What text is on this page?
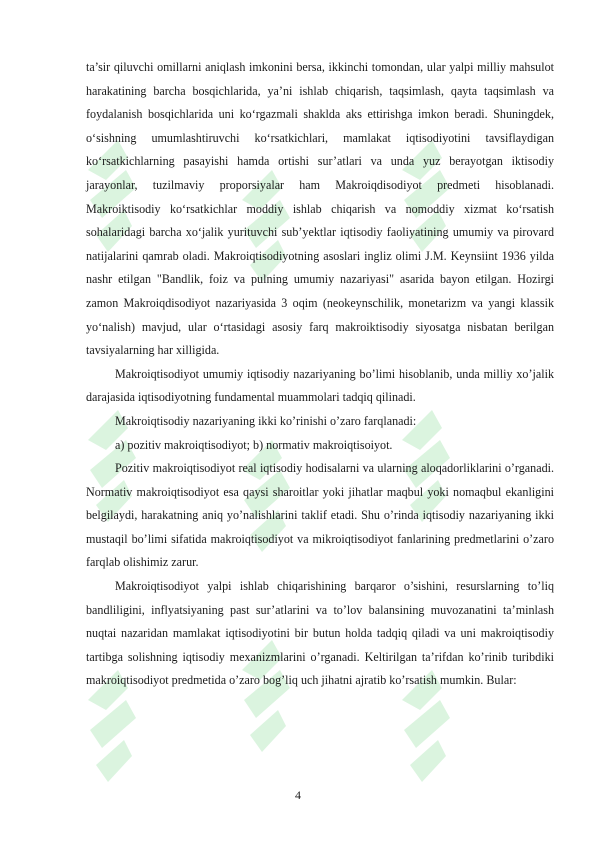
ta’sir qiluvchi omillarni aniqlash imkonini bersa, ikkinchi tomondan, ular yalpi milliy mahsulot harakatining barcha bosqichlarida, ya’ni ishlab chiqarish, taqsimlash, qayta taqsimlash va foydalanish bosqichlarida uni ko‘rgazmali shaklda aks ettirishga imkon beradi. Shuningdek, o‘sishning umumlashtiruvchi ko‘rsatkichlari, mamlakat iqtisodiyotini tavsiflaydigan ko‘rsatkichlarning pasayishi hamda ortishi sur’atlari va unda yuz berayotgan iktisodiy jarayonlar, tuzilmaviy proporsiyalar ham Makroiqdisodiyot predmeti hisoblanadi. Makroiktisodiy ko‘rsatkichlar moddiy ishlab chiqarish va nomoddiy xizmat ko‘rsatish sohalaridagi barcha xo‘jalik yurituvchi sub’yektlar iqtisodiy faoliyatining umumiy va pirovard natijalarini qamrab oladi. Makroiqtisodiyotning asoslari ingliz olimi J.M. Keynsiint 1936 yilda nashr etilgan "Bandlik, foiz va pulning umumiy nazariyasi" asarida bayon etilgan. Hozirgi zamon Makroiqdisodiyot nazariyasida 3 oqim (neokeynschilik, monetarizm va yangi klassik yo‘nalish) mavjud, ular o‘rtasidagi asosiy farq makroiktisodiy siyosatga nisbatan berilgan tavsiyalarning har xilligida.

Makroiqtisodiyot umumiy iqtisodiy nazariyaning bo’limi hisoblanib, unda milliy xo’jalik darajasida iqtisodiyotning fundamental muammolari tadqiq qilinadi.

Makroiqtisodiy nazariyaning ikki ko’rinishi o’zaro farqlanadi:

a) pozitiv makroiqtisodiyot; b) normativ makroiqtisoiyot.

Pozitiv makroiqtisodiyot real iqtisodiy hodisalarni va ularning aloqadorliklarini o’rganadi. Normativ makroiqtisodiyot esa qaysi sharoitlar yoki jihatlar maqbul yoki nomaqbul ekanligini belgilaydi, harakatning aniq yo’nalishlarini taklif etadi. Shu o’rinda iqtisodiy nazariyaning ikki mustaqil bo’limi sifatida makroiqtisodiyot va mikroiqtisodiyot fanlarining predmetlarini o’zaro farqlab olishimiz zarur.

Makroiqtisodiyot yalpi ishlab chiqarishining barqaror o’sishini, resurslarning to’liq bandliligini, inflyatsiyaning past sur’atlarini va to’lov balansining muvozanatini ta’minlash nuqtai nazaridan mamlakat iqtisodiyotini bir butun holda tadqiq qiladi va uni makroiqtisodiy tartibga solishning iqtisodiy mexanizmlarini o’rganadi. Keltirilgan ta’rifdan ko’rinib turibdiki makroiqtisodiyot predmetida o’zaro bog’liq uch jihatni ajratib ko’rsatish mumkin. Bular:

4
